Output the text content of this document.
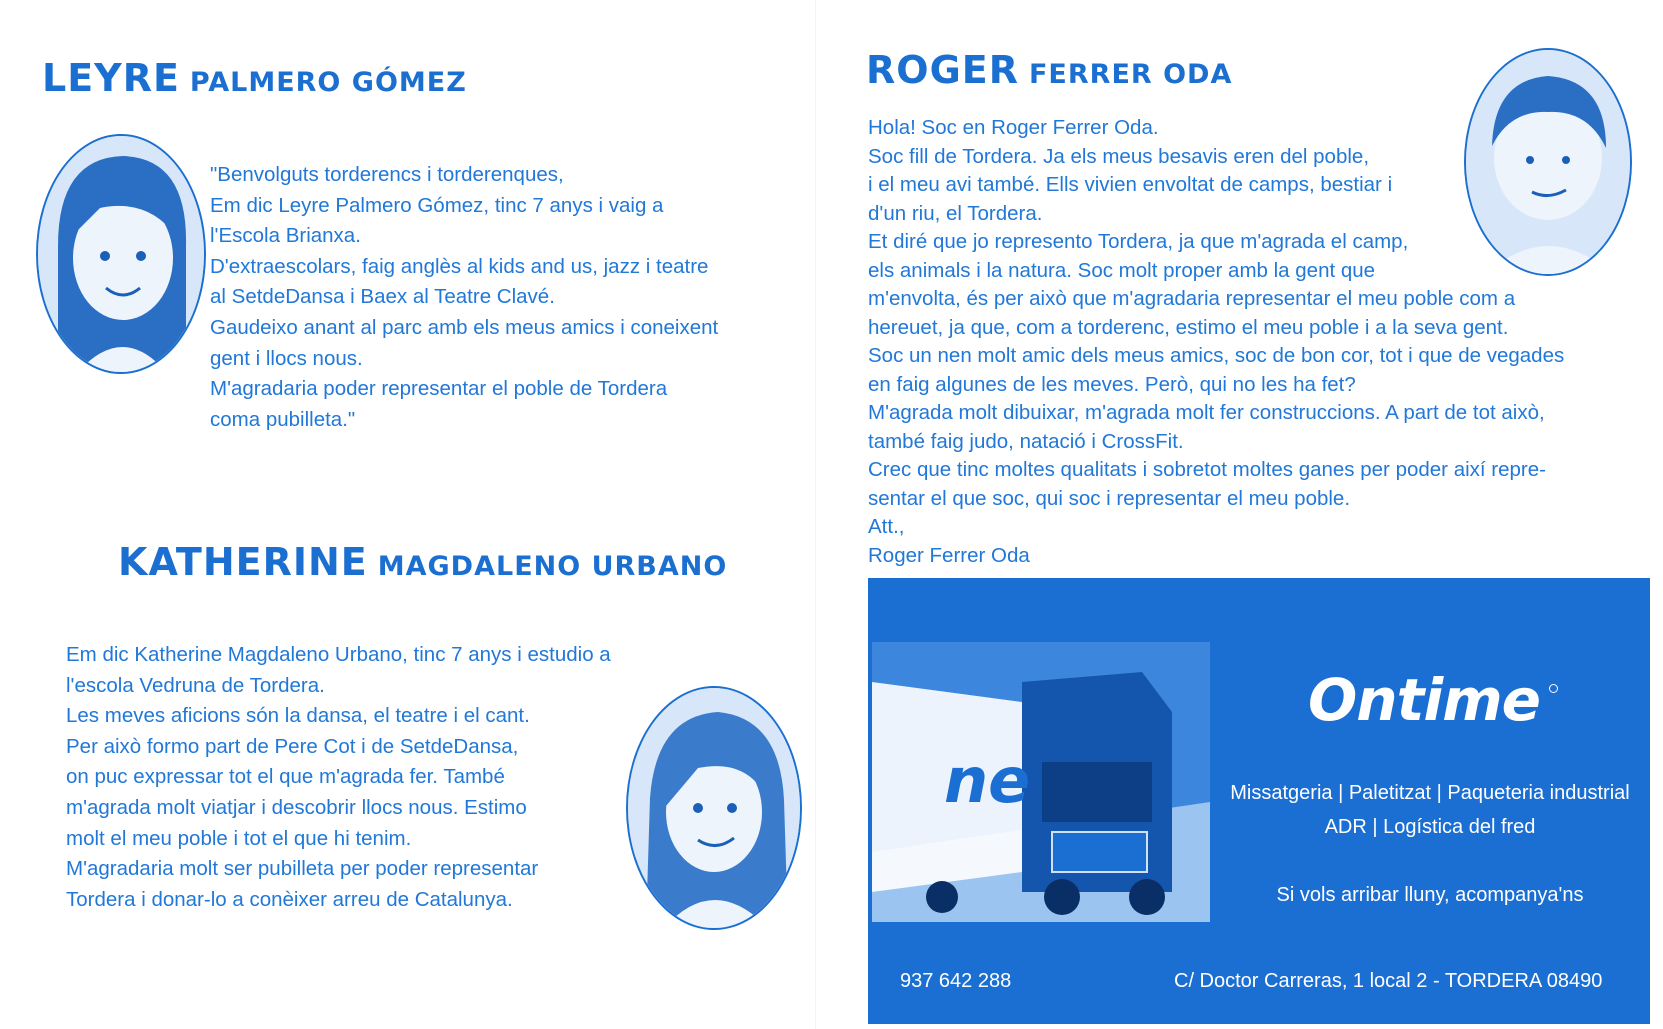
LEYRE PALMERO GÓMEZ
"Benvolguts torderencs i torderenques,
Em dic Leyre Palmero Gómez, tinc 7 anys i vaig a
l'Escola Brianxa.
D'extraescolars, faig anglès al kids and us, jazz i teatre
al SetdeDansa i Baex al Teatre Clavé.
Gaudeixo anant al parc amb els meus amics i coneixent
gent i llocs nous.
M'agradaria poder representar el poble de Tordera
coma pubilleta."
KATHERINE MAGDALENO URBANO
Em dic Katherine Magdaleno Urbano, tinc 7 anys i estudio a
l'escola Vedruna de Tordera.
Les meves aficions són la dansa, el teatre i el cant.
Per això formo part de Pere Cot i de SetdeDansa,
on puc expressar tot el que m'agrada fer. També
m'agrada molt viatjar i descobrir llocs nous. Estimo
molt el meu poble i tot el que hi tenim.
M'agradaria molt ser pubilleta per poder representar
Tordera i donar-lo a conèixer arreu de Catalunya.
ROGER FERRER ODA
Hola! Soc en Roger Ferrer Oda.
Soc fill de Tordera. Ja els meus besavis eren del poble,
i el meu avi també. Ells vivien envoltat de camps, bestiar i
d'un riu, el Tordera.
Et diré que jo represento Tordera, ja que m'agrada el camp,
els animals i la natura. Soc molt proper amb la gent que
m'envolta, és per això que m'agradaria representar el meu poble com a
hereuet, ja que, com a torderenc, estimo el meu poble i a la seva gent.
Soc un nen molt amic dels meus amics, soc de bon cor, tot i que de vegades
en faig algunes de les meves. Però, qui no les ha fet?
M'agrada molt dibuixar, m'agrada molt fer construccions. A part de tot això,
també faig judo, natació i CrossFit.
Crec que tinc moltes qualitats i sobretot moltes ganes per poder així repre-
sentar el que soc, qui soc i representar el meu poble.
Att.,
Roger Ferrer Oda
ne
Ontime
Missatgeria | Paletitzat | Paqueteria industrial
ADR | Logística del fred
Si vols arribar lluny, acompanya'ns
937 642 288	C/ Doctor Carreras, 1 local 2 - TORDERA 08490
